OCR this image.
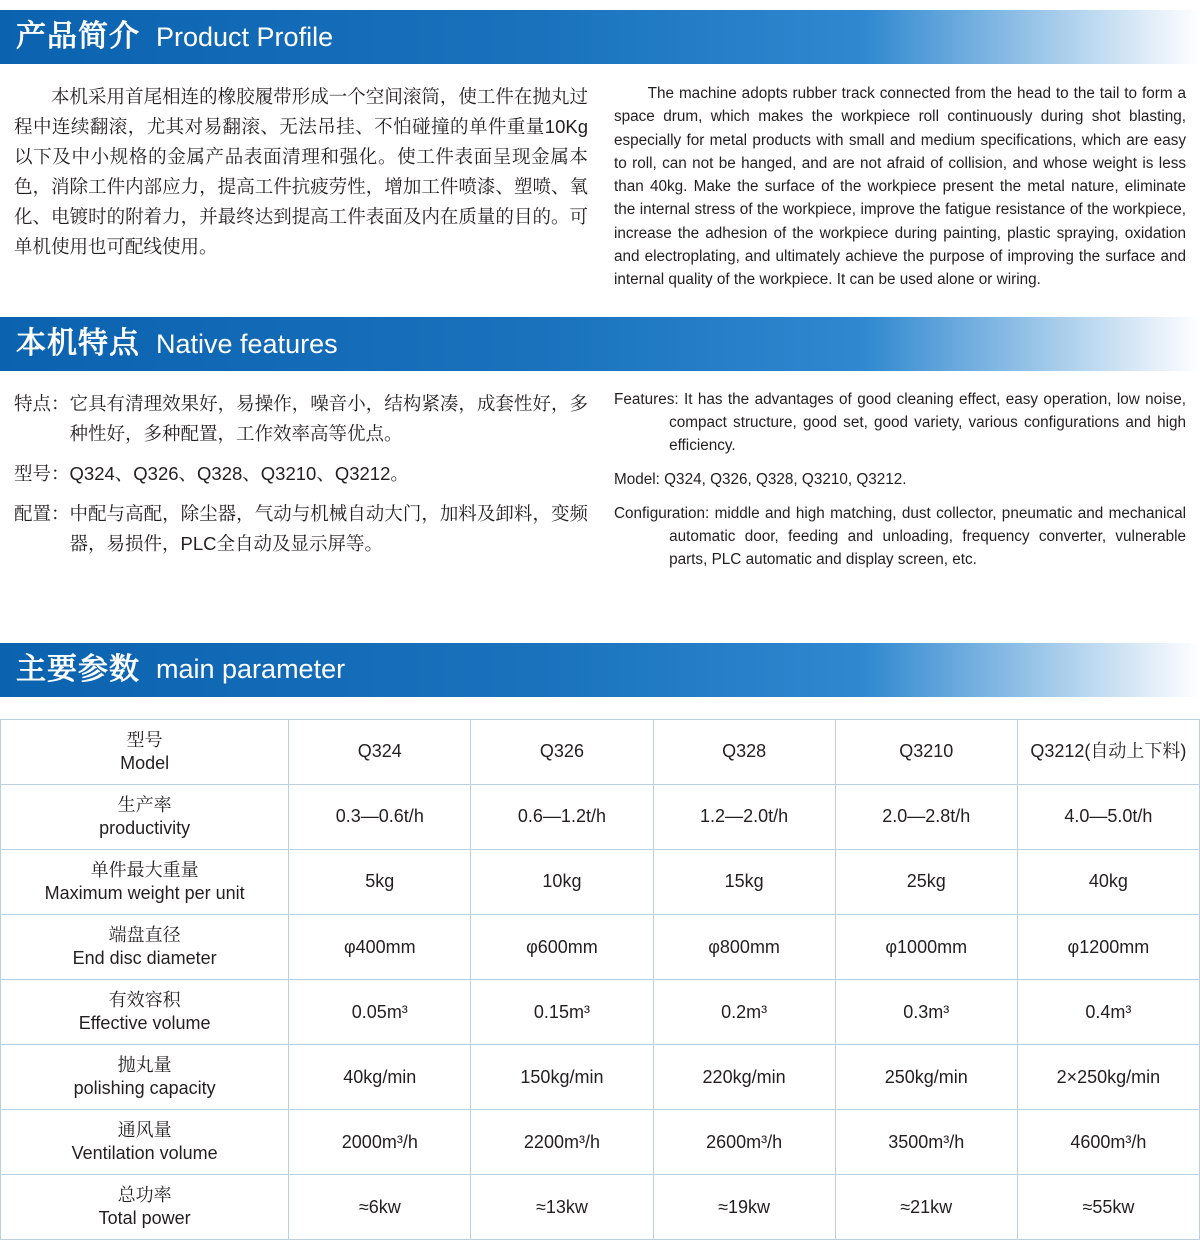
产品简介 Product Profile

本机采用首尾相连的橡胶履带形成一个空间滚筒，使工件在抛丸过程中连续翻滚，尤其对易翻滚、无法吊挂、不怕碰撞的单件重量10Kg以下及中小规格的金属产品表面清理和强化。使工件表面呈现金属本色，消除工件内部应力，提高工件抗疲劳性，增加工件喷漆、塑喷、氧化、电镀时的附着力，并最终达到提高工件表面及内在质量的目的。可单机使用也可配线使用。

The machine adopts rubber track connected from the head to the tail to form a space drum, which makes the workpiece roll continuously during shot blasting, especially for metal products with small and medium specifications, which are easy to roll, can not be hanged, and are not afraid of collision, and whose weight is less than 40kg. Make the surface of the workpiece present the metal nature, eliminate the internal stress of the workpiece, improve the fatigue resistance of the workpiece, increase the adhesion of the workpiece during painting, plastic spraying, oxidation and electroplating, and ultimately achieve the purpose of improving the surface and internal quality of the workpiece. It can be used alone or wiring.

本机特点 Native features
特点： 它具有清理效果好，易操作，噪音小，结构紧凑，成套性好，多种性好，多种配置，工作效率高等优点。
型号： Q324、Q326、Q328、Q3210、Q3212。
配置： 中配与高配，除尘器，气动与机械自动大门，加料及卸料，变频器，易损件，PLC全自动及显示屏等。
Features: It has the advantages of good cleaning effect, easy operation, low noise, compact structure, good set, good variety, various configurations and high efficiency.
Model: Q324, Q326, Q328, Q3210, Q3212.
Configuration: middle and high matching, dust collector, pneumatic and mechanical automatic door, feeding and unloading, frequency converter, vulnerable parts, PLC automatic and display screen, etc.
主要参数 main parameter
型号
Model	Q324	Q326	Q328	Q3210	Q3212(自动上下料)

生产率
productivity	0.3—0.6t/h	0.6—1.2t/h	1.2—2.0t/h	2.0—2.8t/h	4.0—5.0t/h

单件最大重量
Maximum weight per unit	5kg	10kg	15kg	25kg	40kg

端盘直径
End disc diameter	φ400mm	φ600mm	φ800mm	φ1000mm	φ1200mm

有效容积
Effective volume	0.05m³	0.15m³	0.2m³	0.3m³	0.4m³

抛丸量
polishing capacity	40kg/min	150kg/min	220kg/min	250kg/min	2×250kg/min

通风量
Ventilation volume	2000m³/h	2200m³/h	2600m³/h	3500m³/h	4600m³/h

总功率
Total power	≈6kw	≈13kw	≈19kw	≈21kw	≈55kw
